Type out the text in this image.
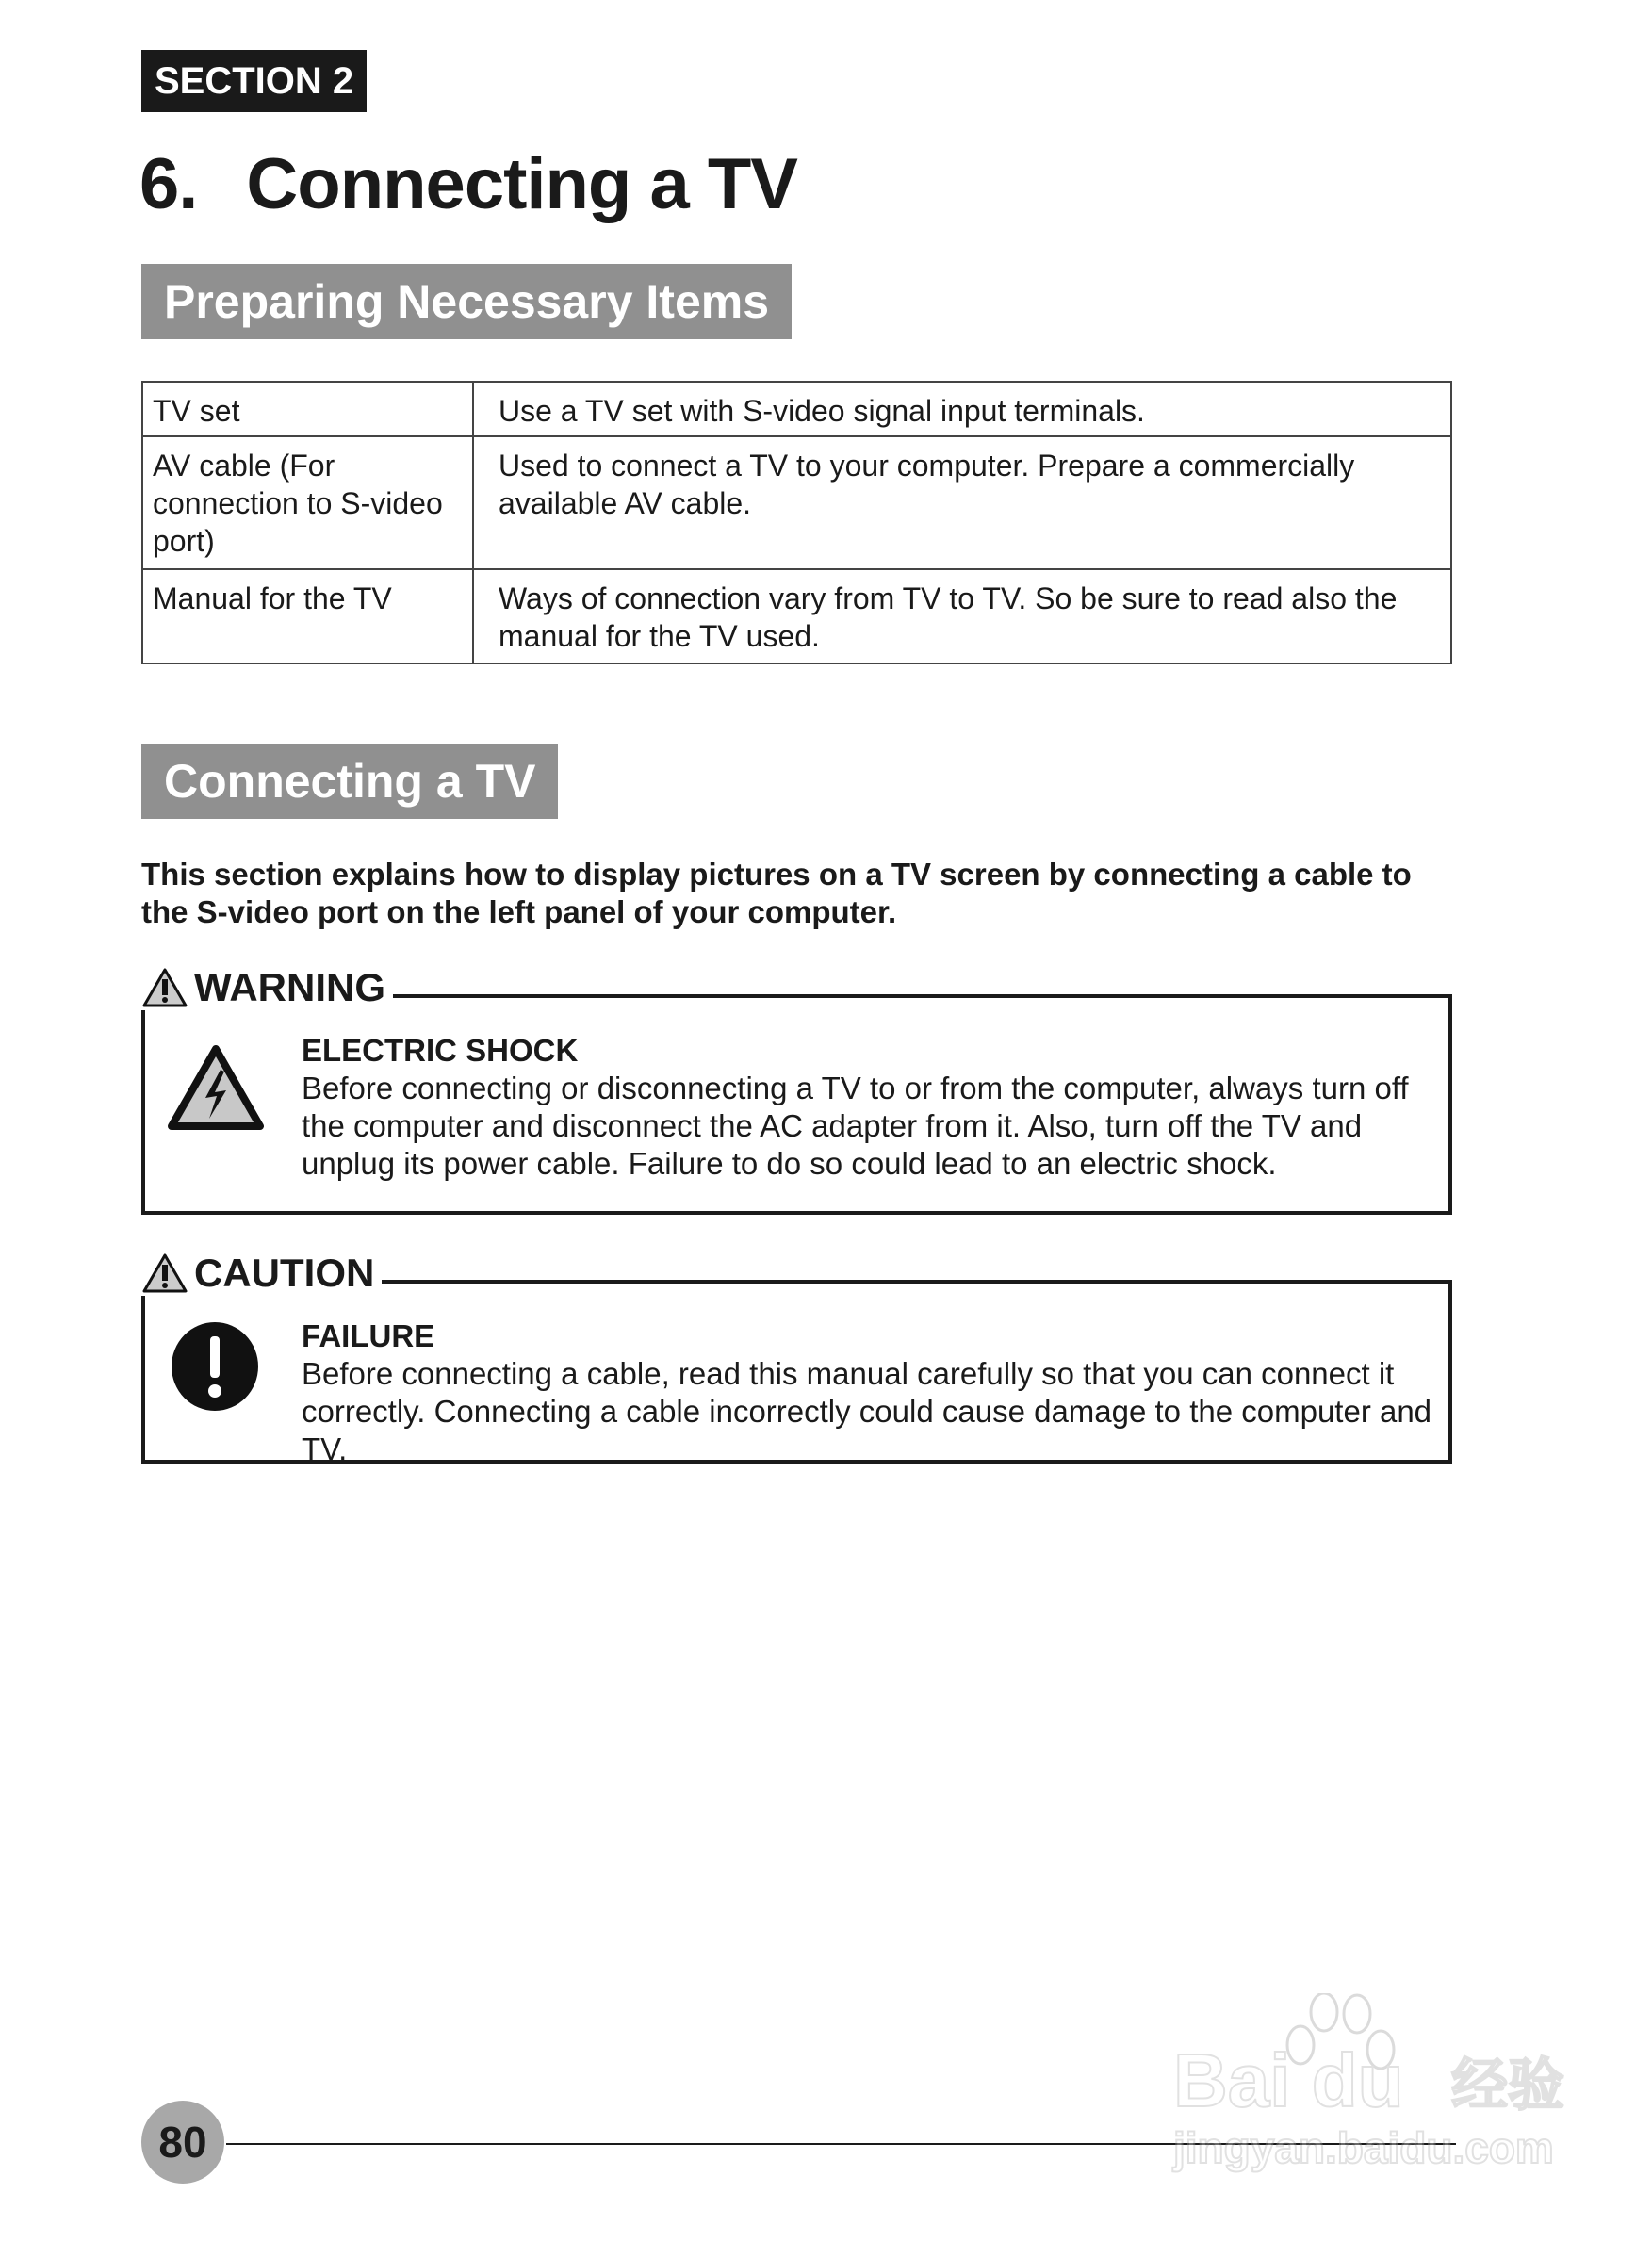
SECTION 2
6. Connecting a TV
Preparing Necessary Items
TV set	Use a TV set with S-video signal input terminals.
AV cable (For connection to S-video port)	Used to connect a TV to your computer. Prepare a commercially available AV cable.
Manual for the TV	Ways of connection vary from TV to TV. So be sure to read also the manual for the TV used.
Connecting a TV
This section explains how to display pictures on a TV screen by connecting a cable to the S-video port on the left panel of your computer.
ELECTRIC SHOCK
Before connecting or disconnecting a TV to or from the computer, always turn off the computer and disconnect the AC adapter from it. Also, turn off the TV and unplug its power cable. Failure to do so could lead to an electric shock.
WARNING
FAILURE
Before connecting a cable, read this manual carefully so that you can connect it correctly. Connecting a cable incorrectly could cause damage to the computer and TV.
CAUTION
80
Bai du 经验
jingyan.baidu.com
